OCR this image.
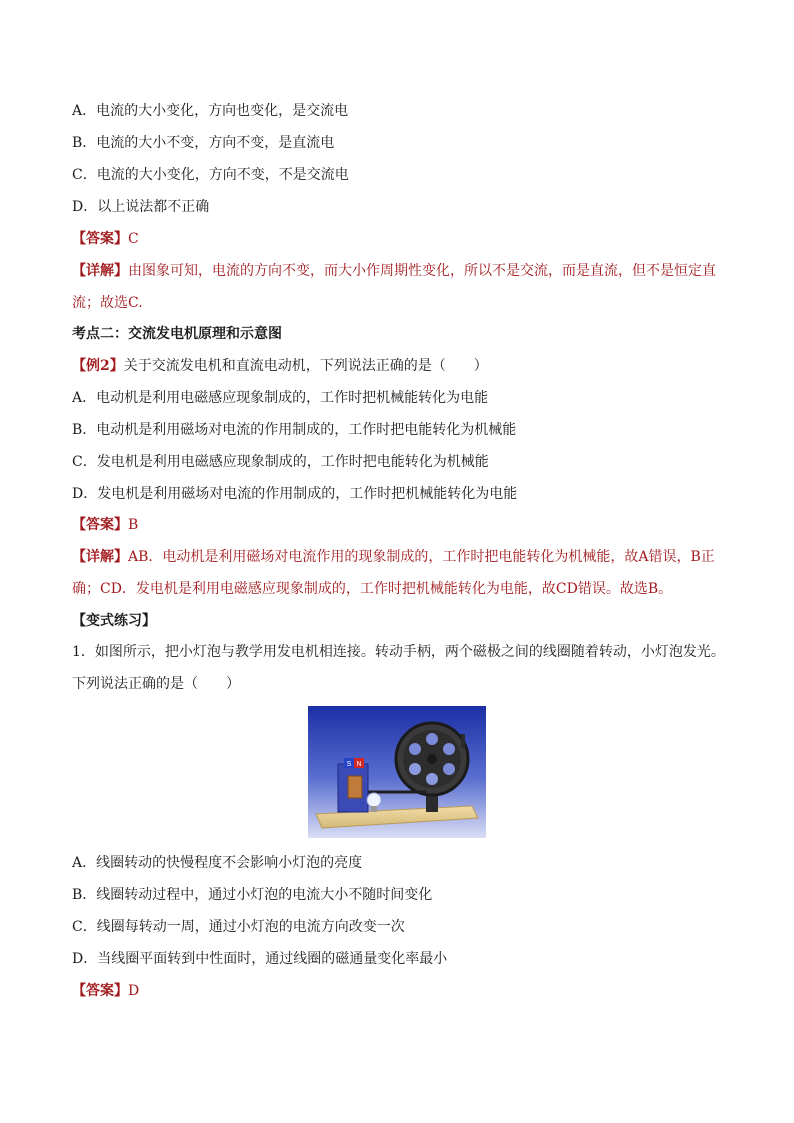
A．电流的大小变化，方向也变化，是交流电
B．电流的大小不变，方向不变，是直流电
C．电流的大小变化，方向不变，不是交流电
D．以上说法都不正确
【答案】C
【详解】由图象可知，电流的方向不变，而大小作周期性变化，所以不是交流，而是直流，但不是恒定直
流；故选C.
考点二：交流发电机原理和示意图
【例2】关于交流发电机和直流电动机，下列说法正确的是（　　）
A．电动机是利用电磁感应现象制成的，工作时把机械能转化为电能
B．电动机是利用磁场对电流的作用制成的，工作时把电能转化为机械能
C．发电机是利用电磁感应现象制成的，工作时把电能转化为机械能
D．发电机是利用磁场对电流的作用制成的，工作时把机械能转化为电能
【答案】B
【详解】AB．电动机是利用磁场对电流作用的现象制成的，工作时把电能转化为机械能，故A错误，B正
确；CD．发电机是利用电磁感应现象制成的，工作时把机械能转化为电能，故CD错误。故选B。
【变式练习】
1．如图所示，把小灯泡与教学用发电机相连接。转动手柄，两个磁极之间的线圈随着转动，小灯泡发光。
下列说法正确的是（　　）
S N
A．线圈转动的快慢程度不会影响小灯泡的亮度
B．线圈转动过程中，通过小灯泡的电流大小不随时间变化
C．线圈每转动一周，通过小灯泡的电流方向改变一次
D．当线圈平面转到中性面时，通过线圈的磁通量变化率最小
【答案】D
